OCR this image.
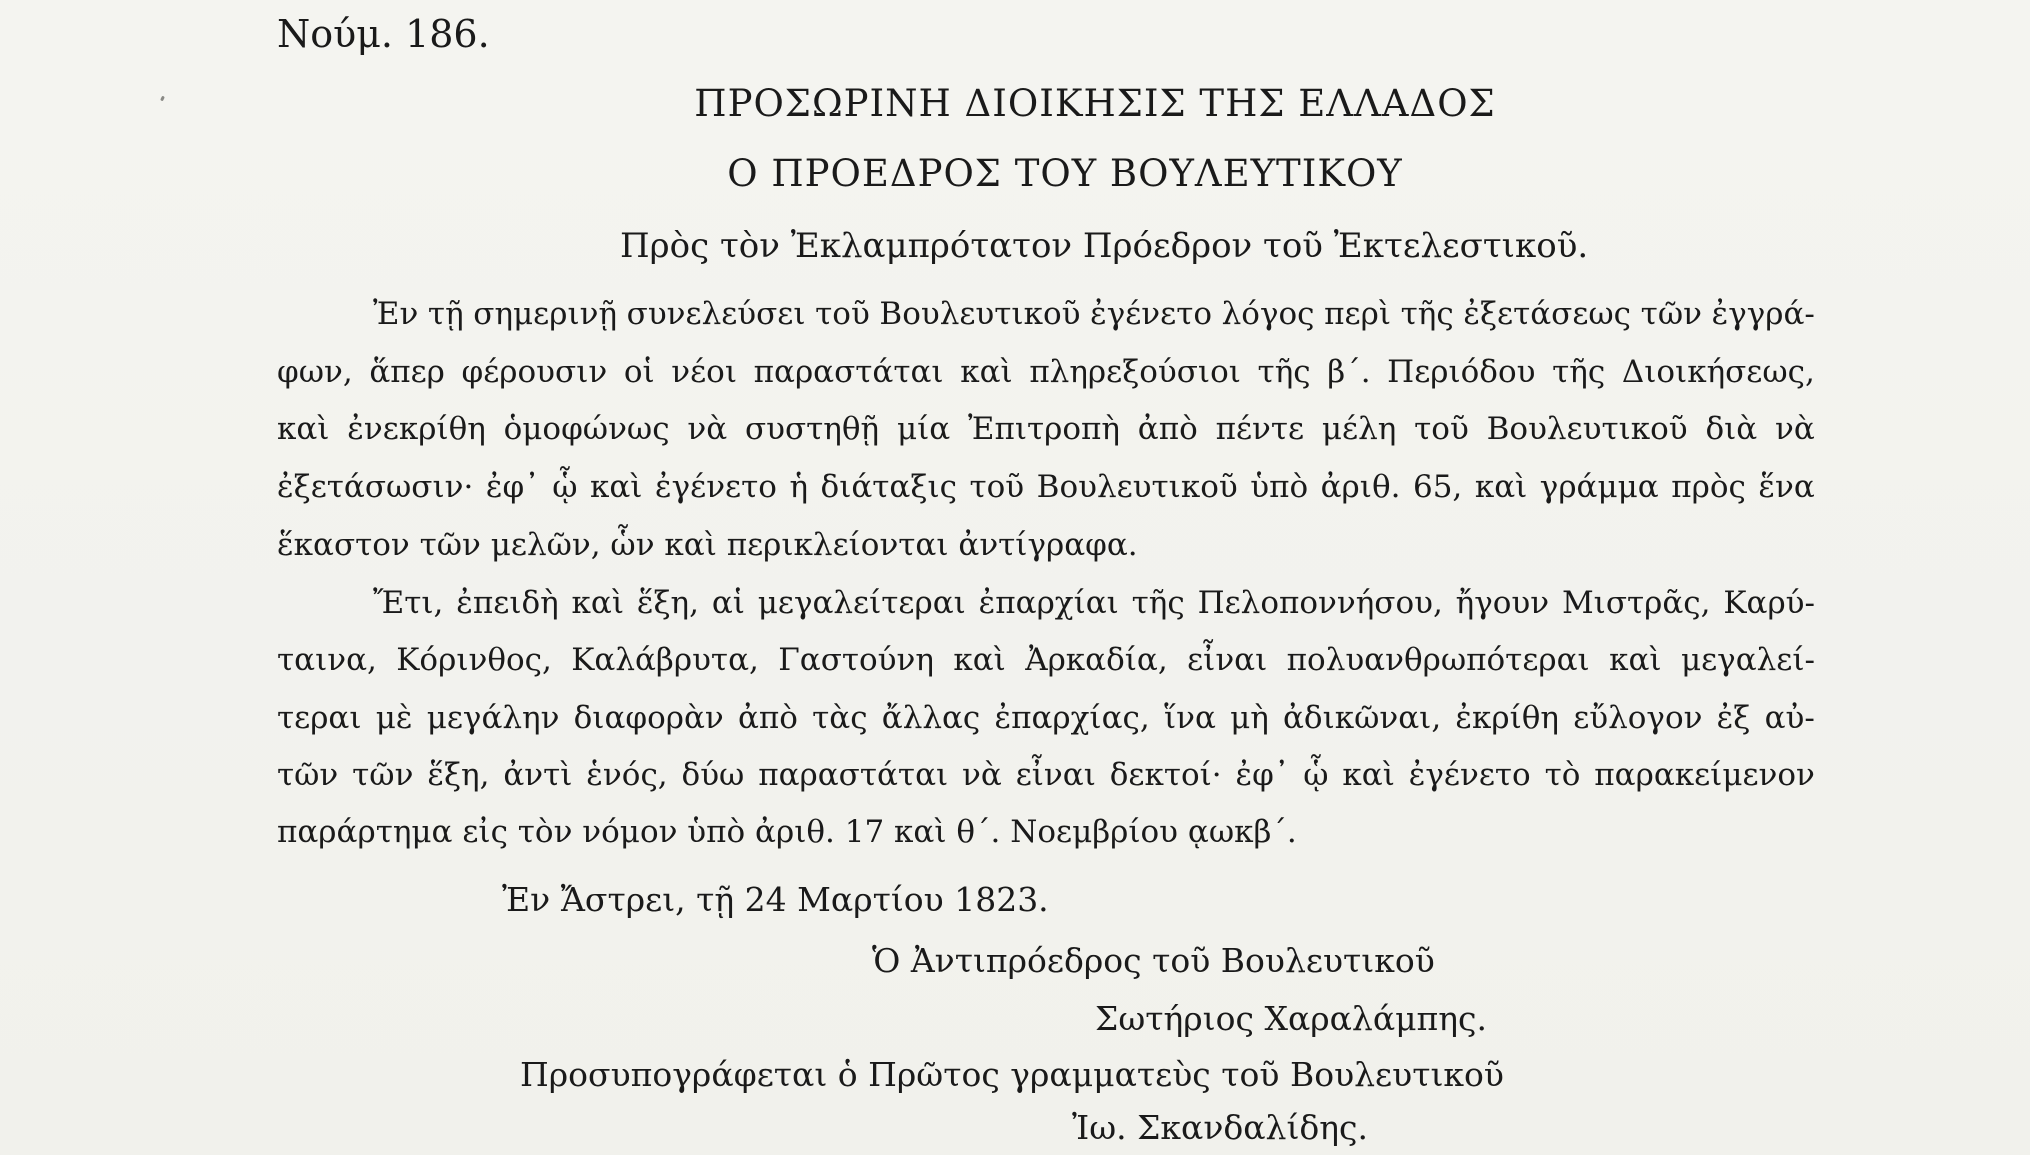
Νούμ. 186.
ΠΡΟΣΩΡΙΝΗ ΔΙΟΙΚΗΣΙΣ ΤΗΣ ΕΛΛΑΔΟΣ
Ο ΠΡΟΕΔΡΟΣ ΤΟΥ ΒΟΥΛΕΥΤΙΚΟΥ
Πρὸς τὸν Ἐκλαμπρότατον Πρόεδρον τοῦ Ἐκτελεστικοῦ.
Ἐν τῇ σημερινῇ συνελεύσει τοῦ Βουλευτικοῦ ἐγένετο λόγος περὶ τῆς ἐξετάσεως τῶν ἐγγρά-
φων, ἅπερ φέρουσιν οἱ νέοι παραστάται καὶ πληρεξούσιοι τῆς β΄. Περιόδου τῆς Διοικήσεως,
καὶ ἐνεκρίθη ὁμοφώνως νὰ συστηθῇ μία Ἐπιτροπὴ ἀπὸ πέντε μέλη τοῦ Βουλευτικοῦ διὰ νὰ
ἐξετάσωσιν· ἐφ᾿ ᾧ καὶ ἐγένετο ἡ διάταξις τοῦ Βουλευτικοῦ ὑπὸ ἀριθ. 65, καὶ γράμμα πρὸς ἕνα
ἕκαστον τῶν μελῶν, ὧν καὶ περικλείονται ἀντίγραφα.
Ἔτι, ἐπειδὴ καὶ ἕξη, αἱ μεγαλείτεραι ἐπαρχίαι τῆς Πελοποννήσου, ἤγουν Μιστρᾶς, Καρύ-
ταινα, Κόρινθος, Καλάβρυτα, Γαστούνη καὶ Ἀρκαδία, εἶναι πολυανθρωπότεραι καὶ μεγαλεί-
τεραι μὲ μεγάλην διαφορὰν ἀπὸ τὰς ἄλλας ἐπαρχίας, ἵνα μὴ ἀδικῶναι, ἐκρίθη εὔλογον ἐξ αὐ-
τῶν τῶν ἕξη, ἀντὶ ἑνός, δύω παραστάται νὰ εἶναι δεκτοί· ἐφ᾿ ᾧ καὶ ἐγένετο τὸ παρακείμενον
παράρτημα εἰς τὸν νόμον ὑπὸ ἀριθ. 17 καὶ θ΄. Νοεμβρίου ᾳωκβ΄.
Ἐν Ἄστρει, τῇ 24 Μαρτίου 1823.
Ὁ Ἀντιπρόεδρος τοῦ Βουλευτικοῦ
Σωτήριος Χαραλάμπης.
Προσυπογράφεται ὁ Πρῶτος γραμματεὺς τοῦ Βουλευτικοῦ
Ἰω. Σκανδαλίδης.
